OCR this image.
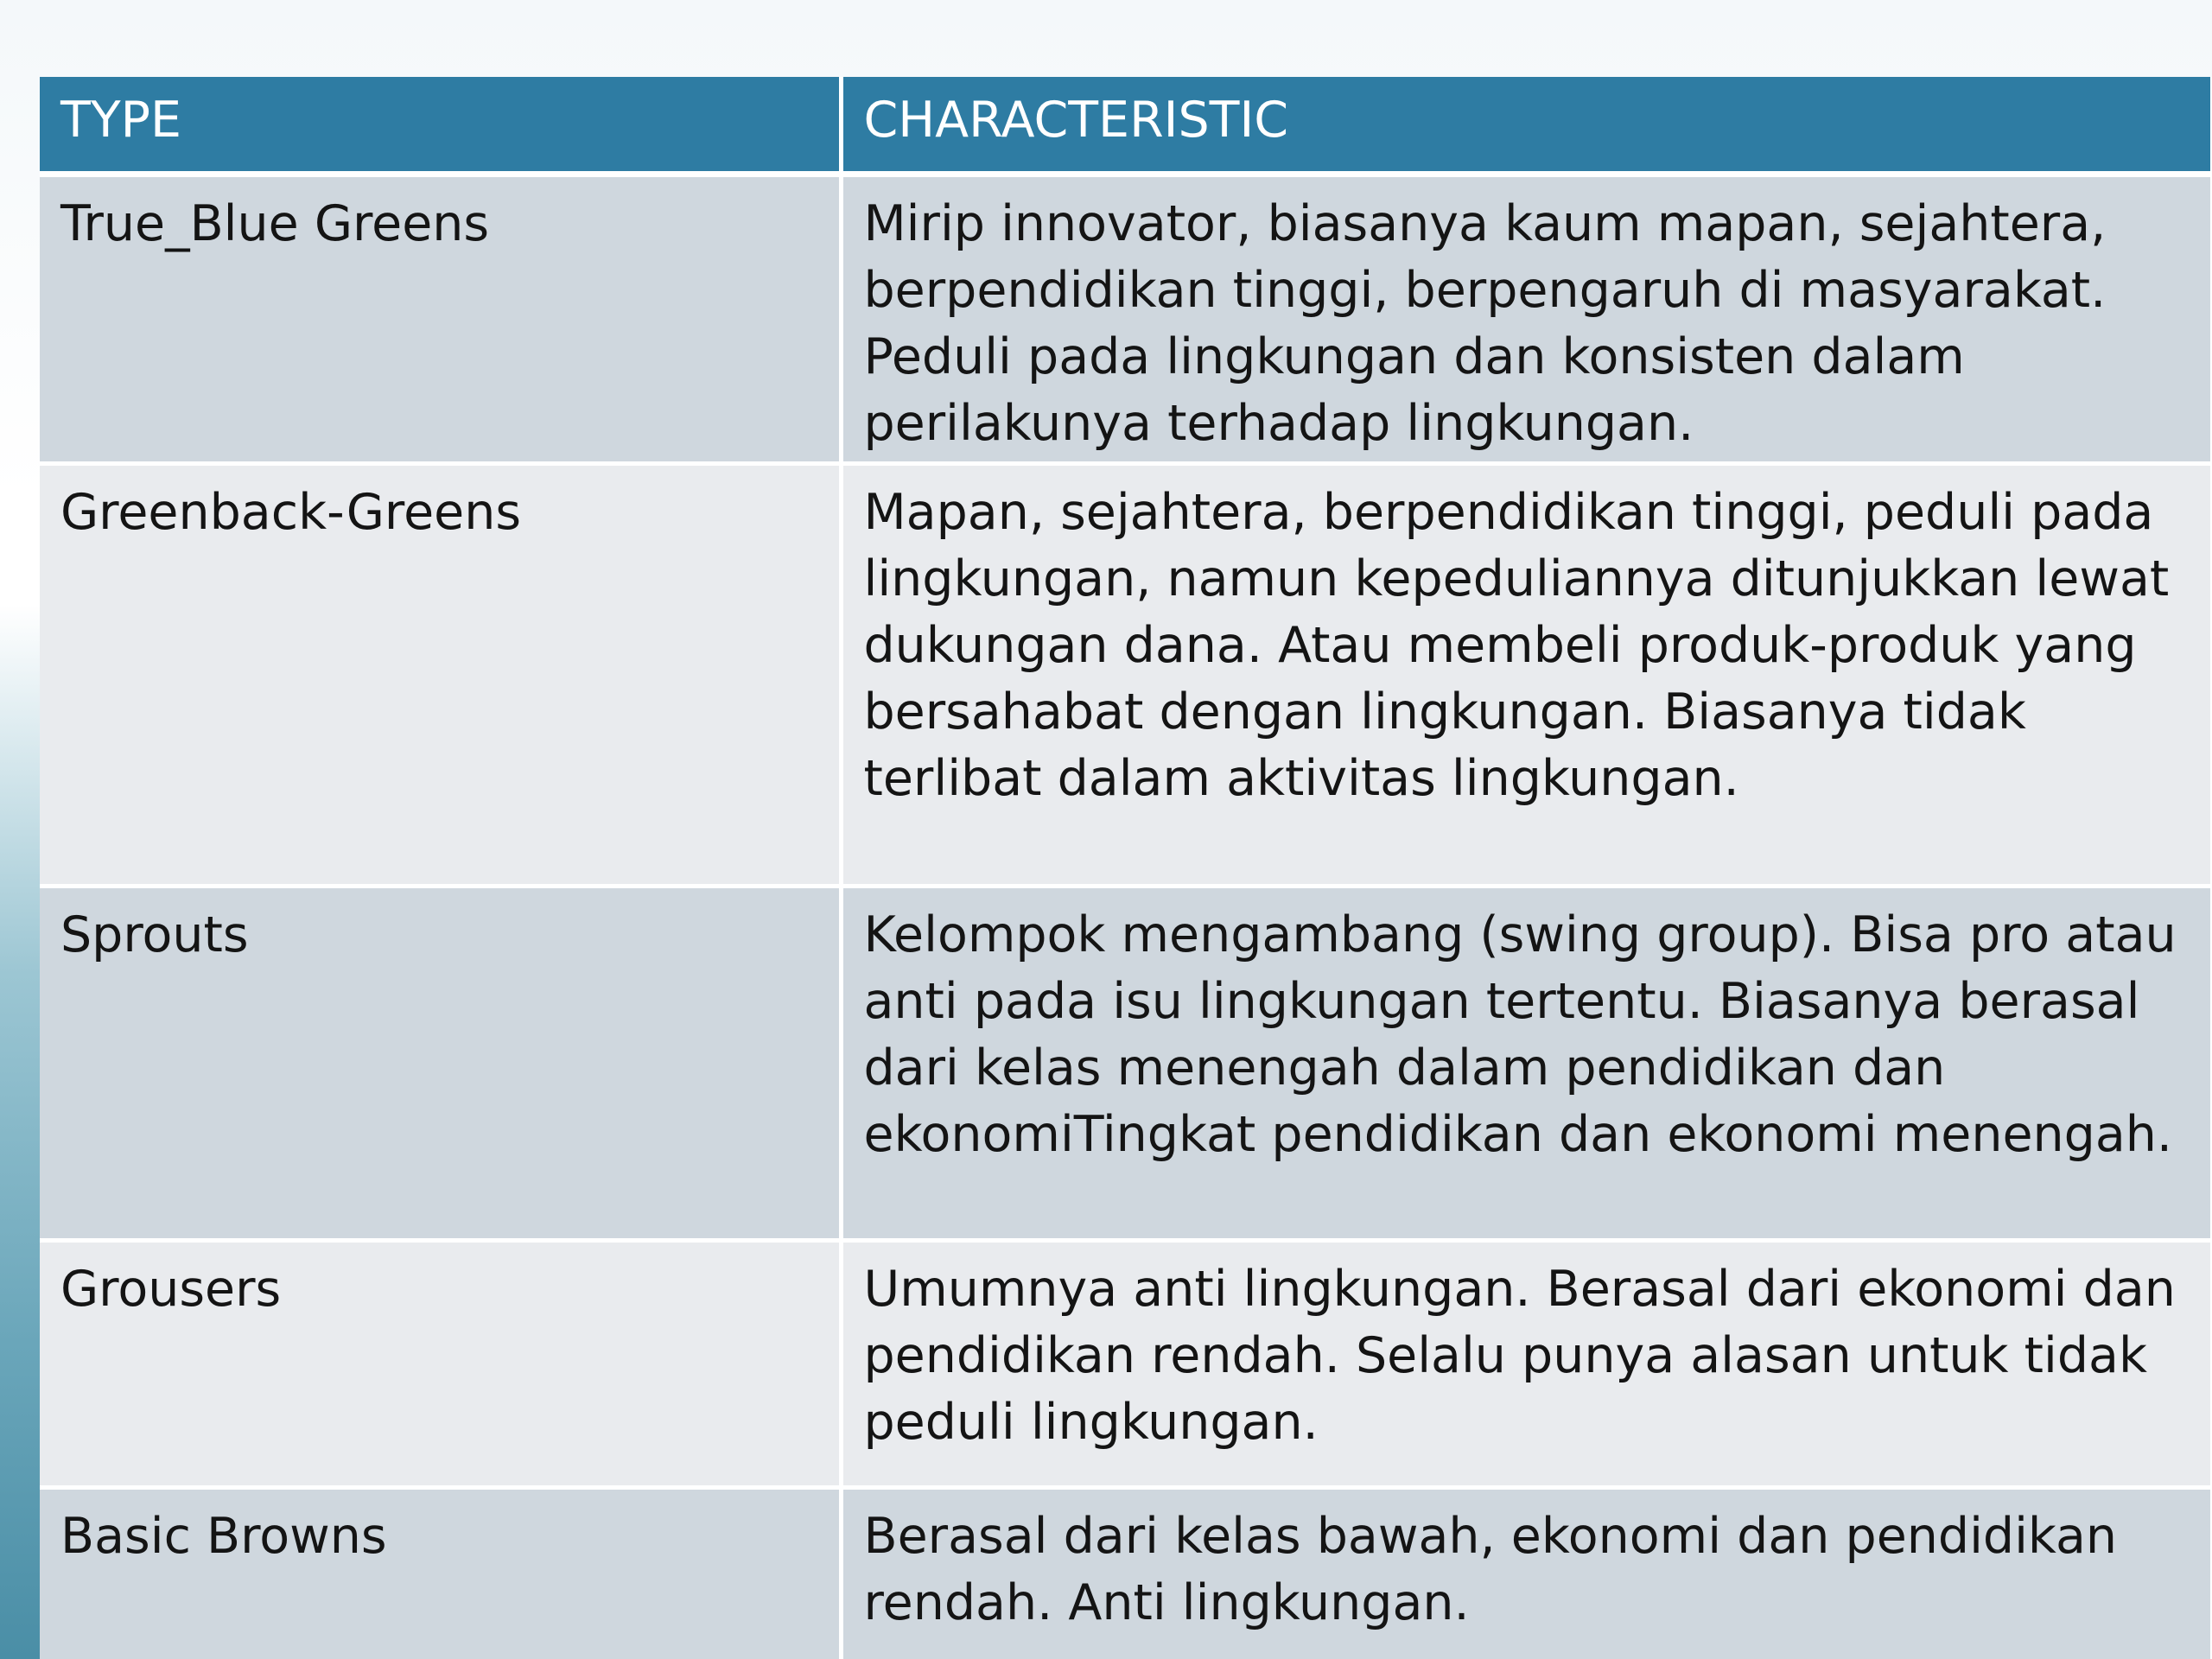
TYPE	CHARACTERISTIC
True_Blue Greens	Mirip innovator, biasanya kaum mapan, sejahtera, berpendidikan tinggi, berpengaruh di masyarakat. Peduli pada lingkungan dan konsisten dalam perilakunya terhadap lingkungan.
Greenback-Greens	Mapan, sejahtera, berpendidikan tinggi, peduli pada lingkungan, namun kepeduliannya ditunjukkan lewat dukungan dana. Atau membeli produk-produk yang bersahabat dengan lingkungan. Biasanya tidak terlibat dalam aktivitas lingkungan.
Sprouts	Kelompok mengambang (swing group). Bisa pro atau anti pada isu lingkungan tertentu. Biasanya berasal dari kelas menengah dalam pendidikan dan ekonomiTingkat pendidikan dan ekonomi menengah.
Grousers	Umumnya anti lingkungan. Berasal dari ekonomi dan pendidikan rendah. Selalu punya alasan untuk tidak peduli lingkungan.
Basic Browns	Berasal dari kelas bawah, ekonomi dan pendidikan rendah. Anti lingkungan.
